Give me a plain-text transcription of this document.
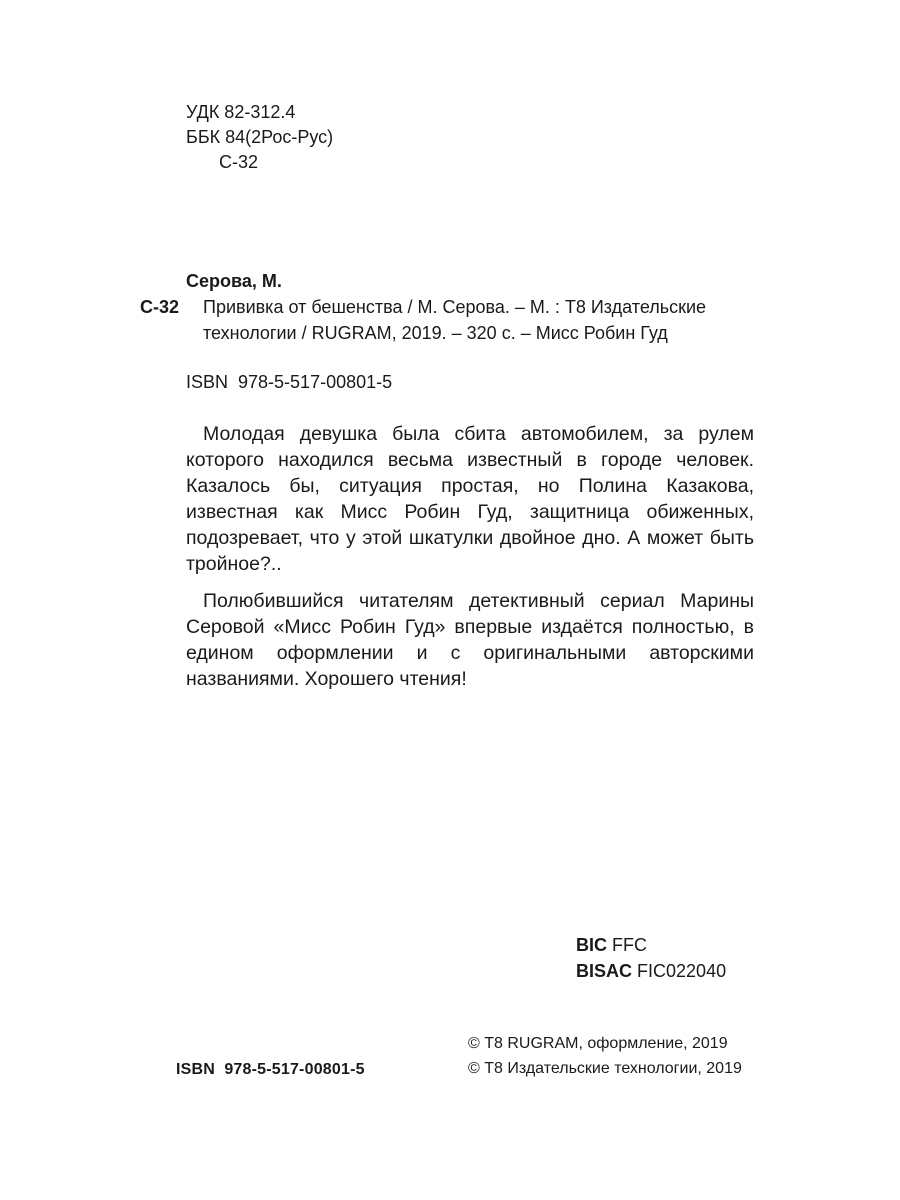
УДК 82-312.4
ББК 84(2Рос-Рус)
С-32
Серова, М.
С-32 Прививка от бешенства / М. Серова. – М. : Т8 Издательские
технологии / RUGRAM, 2019. – 320 с. – Мисс Робин Гуд
ISBN  978-5-517-00801-5

Молодая девушка была сбита автомобилем, за рулем которого находился весьма известный в городе человек. Казалось бы, ситуация простая, но Полина Казакова, известная как Мисс Робин Гуд, защитница обиженных, подозревает, что у этой шкатулки двойное дно. А может быть тройное?..

Полюбившийся читателям детективный сериал Марины Серовой «Мисс Робин Гуд» впервые издаётся полностью, в едином оформлении и с оригинальными авторскими названиями. Хорошего чтения!

BIC FFC
BISAC FIC022040
ISBN  978-5-517-00801-5
© Т8 RUGRAM, оформление, 2019
© Т8 Издательские технологии, 2019
